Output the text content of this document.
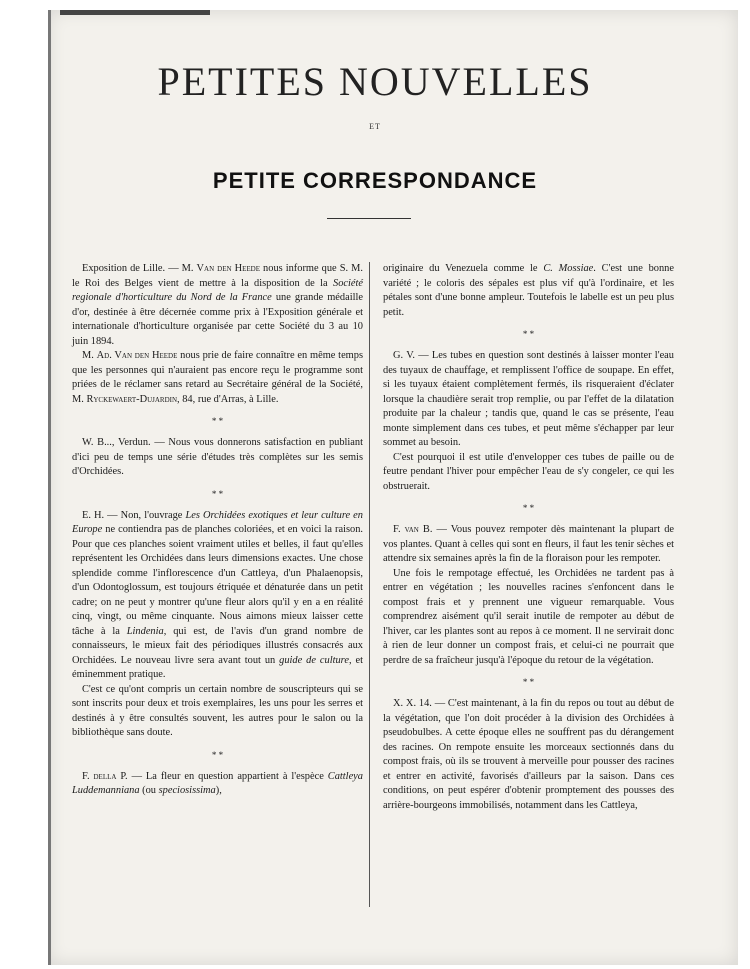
PETITES NOUVELLES
ET
PETITE CORRESPONDANCE

Exposition de Lille. — M. Van den Heede nous informe que S. M. le Roi des Belges vient de mettre à la disposition de la Société regionale d'horticulture du Nord de la France une grande médaille d'or, destinée à être décernée comme prix à l'Exposition générale et internationale d'horticulture organisée par cette Société du 3 au 10 juin 1894.

M. Ad. Van den Heede nous prie de faire connaître en même temps que les personnes qui n'auraient pas encore reçu le programme sont priées de le réclamer sans retard au Secrétaire général de la Société, M. Ryckewaert-Dujardin, 84, rue d'Arras, à Lille.

* *

W. B..., Verdun. — Nous vous donnerons satisfaction en publiant d'ici peu de temps une série d'études très complètes sur les semis d'Orchidées.

* *

E. H. — Non, l'ouvrage Les Orchidées exotiques et leur culture en Europe ne contiendra pas de planches coloriées, et en voici la raison. Pour que ces planches soient vraiment utiles et belles, il faut qu'elles représentent les Orchidées dans leurs dimensions exactes. Une chose splendide comme l'inflorescence d'un Cattleya, d'un Phalaenopsis, d'un Odontoglossum, est toujours étriquée et dénaturée dans un petit cadre; on ne peut y montrer qu'une fleur alors qu'il y en a en réalité cinq, vingt, ou même cinquante. Nous aimons mieux laisser cette tâche à la Lindenia, qui est, de l'avis d'un grand nombre de connaisseurs, le mieux fait des périodiques illustrés consacrés aux Orchidées. Le nouveau livre sera avant tout un guide de culture, et éminemment pratique.

C'est ce qu'ont compris un certain nombre de souscripteurs qui se sont inscrits pour deux et trois exemplaires, les uns pour les serres et destinés à y être consultés souvent, les autres pour le salon ou la bibliothèque sans doute.

* *

F. della P. — La fleur en question appartient à l'espèce Cattleya Luddemanniana (ou speciosissima),

originaire du Venezuela comme le C. Mossiae. C'est une bonne variété ; le coloris des sépales est plus vif qu'à l'ordinaire, et les pétales sont d'une bonne ampleur. Toutefois le labelle est un peu plus petit.

* *

G. V. — Les tubes en question sont destinés à laisser monter l'eau des tuyaux de chauffage, et remplissent l'office de soupape. En effet, si les tuyaux étaient complètement fermés, ils risqueraient d'éclater lorsque la chaudière serait trop remplie, ou par l'effet de la dilatation produite par la chaleur ; tandis que, quand le cas se présente, l'eau monte simplement dans ces tubes, et peut même s'échapper par leur sommet au besoin.

C'est pourquoi il est utile d'envelopper ces tubes de paille ou de feutre pendant l'hiver pour empêcher l'eau de s'y congeler, ce qui les obstruerait.

* *

F. van B. — Vous pouvez rempoter dès maintenant la plupart de vos plantes. Quant à celles qui sont en fleurs, il faut les tenir sèches et attendre six semaines après la fin de la floraison pour les rempoter.

Une fois le rempotage effectué, les Orchidées ne tardent pas à entrer en végétation ; les nouvelles racines s'enfoncent dans le compost frais et y prennent une vigueur remarquable. Vous comprendrez aisément qu'il serait inutile de rempoter au début de l'hiver, car les plantes sont au repos à ce moment. Il ne servirait donc à rien de leur donner un compost frais, et celui-ci ne pourrait que perdre de sa fraîcheur jusqu'à l'époque du retour de la végétation.

* *

X. X. 14. — C'est maintenant, à la fin du repos ou tout au début de la végétation, que l'on doit procéder à la division des Orchidées à pseudobulbes. A cette époque elles ne souffrent pas du dérangement des racines. On rempote ensuite les morceaux sectionnés dans du compost frais, où ils se trouvent à merveille pour pousser des racines et entrer en activité, favorisés d'ailleurs par la saison. Dans ces conditions, on peut espérer d'obtenir promptement des pousses des arrière-bourgeons immobilisés, notamment dans les Cattleya,
